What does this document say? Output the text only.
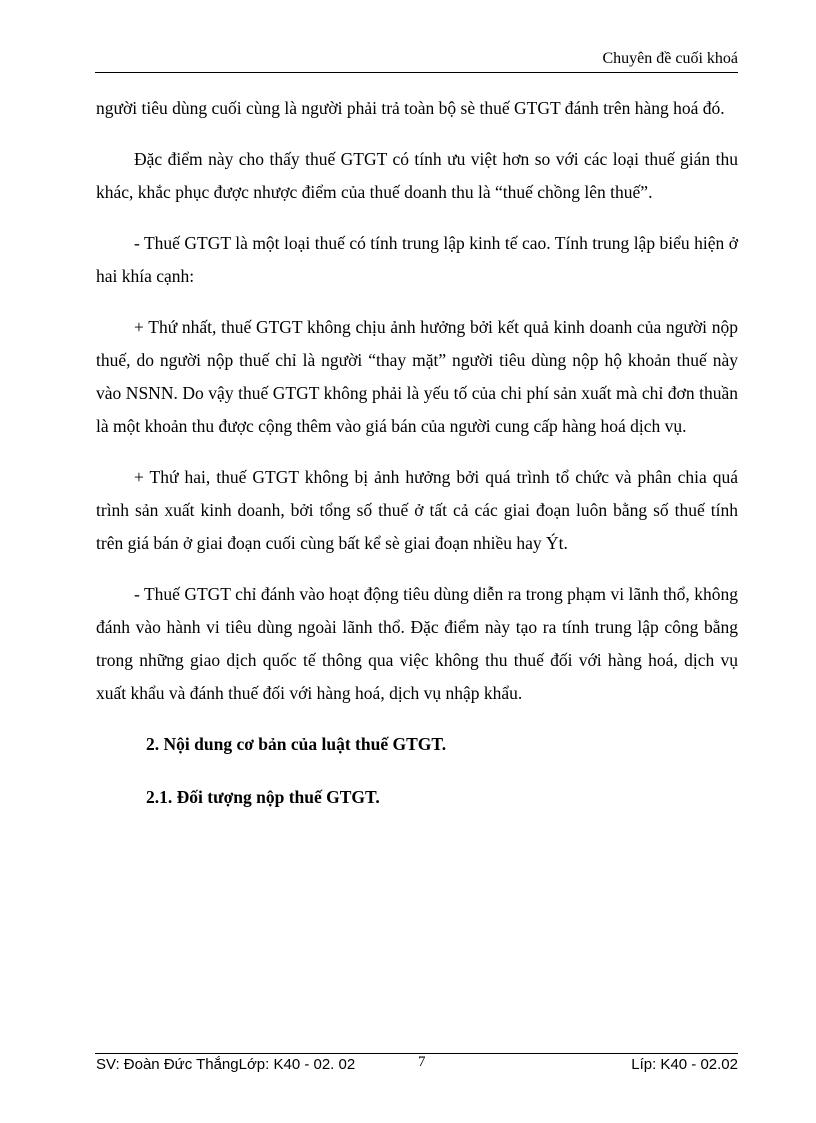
Chuyên đề cuối khoá

người tiêu dùng cuối cùng là người phải trả toàn bộ sè thuế GTGT đánh trên hàng hoá đó.

Đặc điểm này cho thấy thuế GTGT có tính ưu việt hơn so với các loại thuế gián thu khác, khắc phục được nhược điểm của thuế doanh thu là “thuế chồng lên thuế”.

- Thuế GTGT là một loại thuế có tính trung lập kinh tế cao. Tính trung lập biểu hiện ở hai khía cạnh:

+ Thứ nhất, thuế GTGT không chịu ảnh hưởng bởi kết quả kinh doanh của người nộp thuế, do người nộp thuế chỉ là người “thay mặt” người tiêu dùng nộp hộ khoản thuế này vào NSNN. Do vậy thuế GTGT không phải là yếu tố của chi phí sản xuất mà chỉ đơn thuần là một khoản thu được cộng thêm vào giá bán của người cung cấp hàng hoá dịch vụ.

+ Thứ hai, thuế GTGT không bị ảnh hưởng bởi quá trình tổ chức và phân chia quá trình sản xuất kinh doanh, bởi tổng số thuế ở tất cả các giai đoạn luôn bằng số thuế tính trên giá bán ở giai đoạn cuối cùng bất kể sè giai đoạn nhiều hay Ýt.

- Thuế GTGT chỉ đánh vào hoạt động tiêu dùng diễn ra trong phạm vi lãnh thổ, không đánh vào hành vi tiêu dùng ngoài lãnh thổ. Đặc điểm này tạo ra tính trung lập công bằng trong những giao dịch quốc tế thông qua việc không thu thuế đối với hàng hoá, dịch vụ xuất khẩu và đánh thuế đối với hàng hoá, dịch vụ nhập khẩu.

2. Nội dung cơ bản của luật thuế GTGT.

2.1. Đối tượng nộp thuế GTGT.

SV: Đoàn Đức ThắngLớp: K40 - 02. 02	7	Líp: K40 - 02.02
